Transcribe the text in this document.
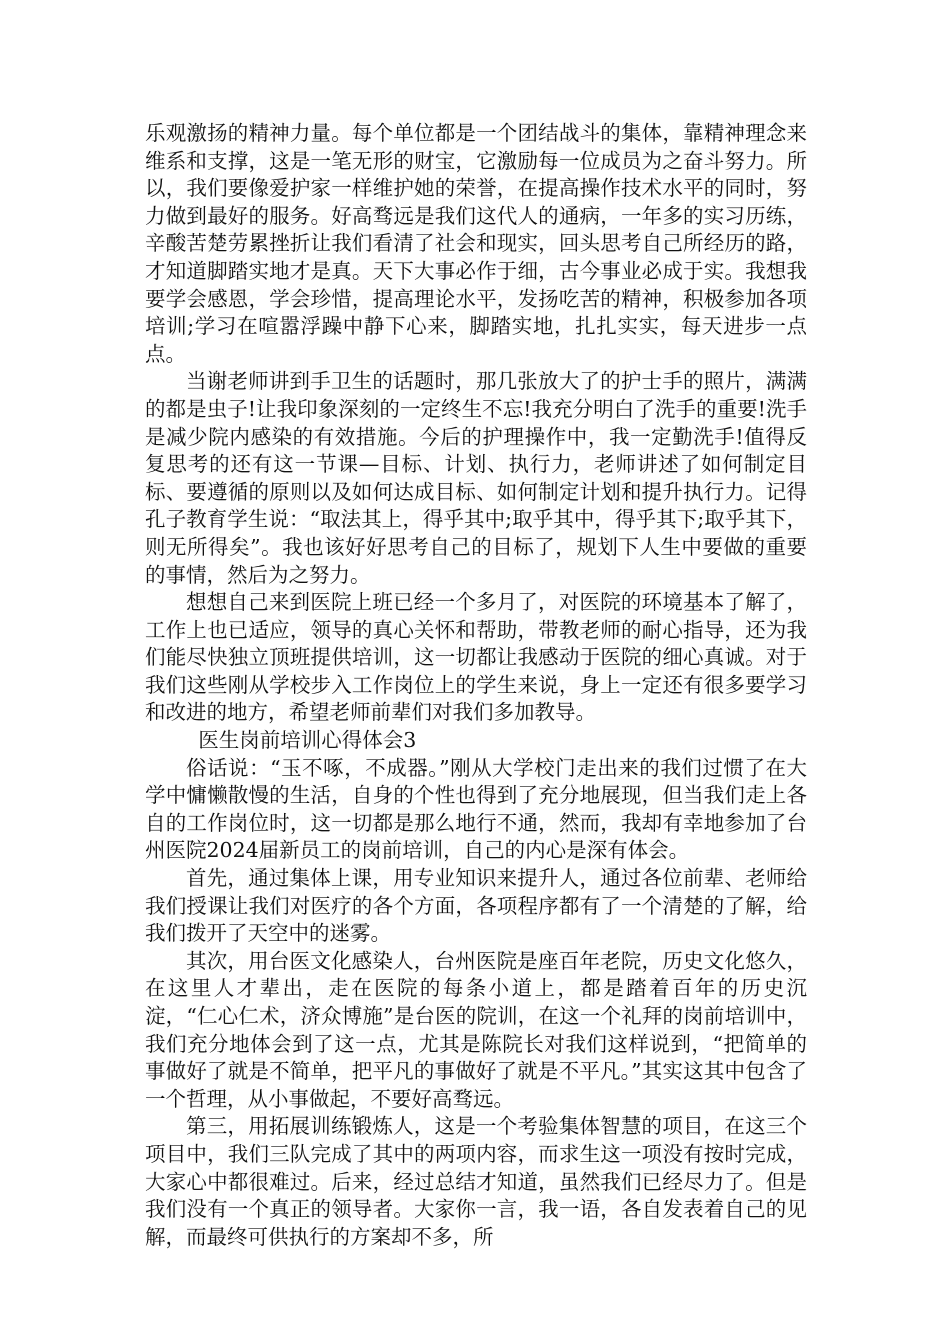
乐观激扬的精神力量。每个单位都是一个团结战斗的集体，靠精神理念来维系和支撑，这是一笔无形的财宝，它激励每一位成员为之奋斗努力。所以，我们要像爱护家一样维护她的荣誉，在提高操作技术水平的同时，努力做到最好的服务。好高骛远是我们这代人的通病，一年多的实习历练，辛酸苦楚劳累挫折让我们看清了社会和现实，回头思考自己所经历的路，才知道脚踏实地才是真。天下大事必作于细，古今事业必成于实。我想我要学会感恩，学会珍惜，提高理论水平，发扬吃苦的精神，积极参加各项培训;学习在喧嚣浮躁中静下心来，脚踏实地，扎扎实实，每天进步一点点。

当谢老师讲到手卫生的话题时，那几张放大了的护士手的照片，满满的都是虫子!让我印象深刻的一定终生不忘!我充分明白了洗手的重要!洗手是减少院内感染的有效措施。今后的护理操作中，我一定勤洗手!值得反复思考的还有这一节课—目标、计划、执行力，老师讲述了如何制定目标、要遵循的原则以及如何达成目标、如何制定计划和提升执行力。记得孔子教育学生说：“取法其上，得乎其中;取乎其中，得乎其下;取乎其下，则无所得矣”。我也该好好思考自己的目标了，规划下人生中要做的重要的事情，然后为之努力。

想想自己来到医院上班已经一个多月了，对医院的环境基本了解了，工作上也已适应，领导的真心关怀和帮助，带教老师的耐心指导，还为我们能尽快独立顶班提供培训，这一切都让我感动于医院的细心真诚。对于我们这些刚从学校步入工作岗位上的学生来说，身上一定还有很多要学习和改进的地方，希望老师前辈们对我们多加教导。

医生岗前培训心得体会3

俗话说：“玉不啄，不成器。”刚从大学校门走出来的我们过惯了在大学中慵懒散慢的生活，自身的个性也得到了充分地展现，但当我们走上各自的工作岗位时，这一切都是那么地行不通，然而，我却有幸地参加了台州医院2024届新员工的岗前培训，自己的内心是深有体会。

首先，通过集体上课，用专业知识来提升人，通过各位前辈、老师给我们授课让我们对医疗的各个方面，各项程序都有了一个清楚的了解，给我们拨开了天空中的迷雾。

其次，用台医文化感染人，台州医院是座百年老院，历史文化悠久，在这里人才辈出，走在医院的每条小道上，都是踏着百年的历史沉淀，“仁心仁术，济众博施”是台医的院训，在这一个礼拜的岗前培训中，我们充分地体会到了这一点，尤其是陈院长对我们这样说到，“把简单的事做好了就是不简单，把平凡的事做好了就是不平凡。”其实这其中包含了一个哲理，从小事做起，不要好高骛远。

第三，用拓展训练锻炼人，这是一个考验集体智慧的项目，在这三个项目中，我们三队完成了其中的两项内容，而求生这一项没有按时完成，大家心中都很难过。后来，经过总结才知道，虽然我们已经尽力了。但是我们没有一个真正的领导者。大家你一言，我一语，各自发表着自己的见解，而最终可供执行的方案却不多，所
